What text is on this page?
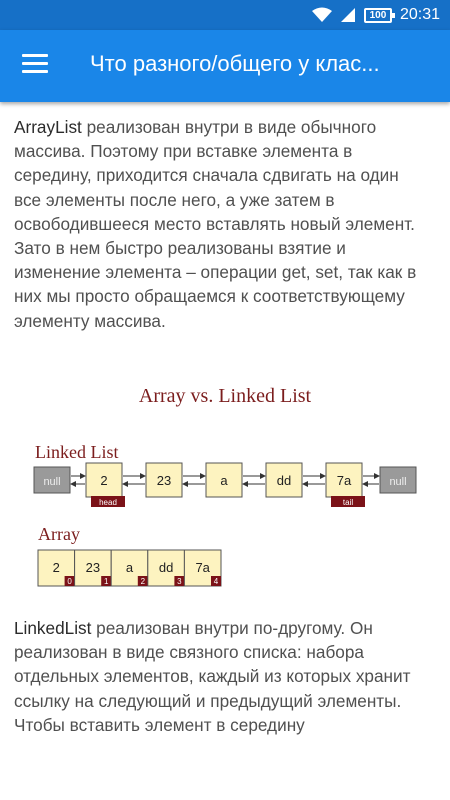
100 20:31
Что разного/общего у клас...
ArrayList реализован внутри в виде обычного массива. Поэтому при вставке элемента в середину, приходится сначала сдвигать на один все элементы после него, а уже затем в освободившееся место вставлять новый элемент. Зато в нем быстро реализованы взятие и изменение элемента – операции get, set, так как в них мы просто обращаемся к соответствующему элементу массива.
Array vs. Linked List
Linked List
null	null
2	23	a	dd	7a
head	tail
Array
2
0
23
1
a
2
dd
3
7a
4
LinkedList реализован внутри по-другому. Он реализован в виде связного списка: набора отдельных элементов, каждый из которых хранит ссылку на следующий и предыдущий элементы. Чтобы вставить элемент в середину
